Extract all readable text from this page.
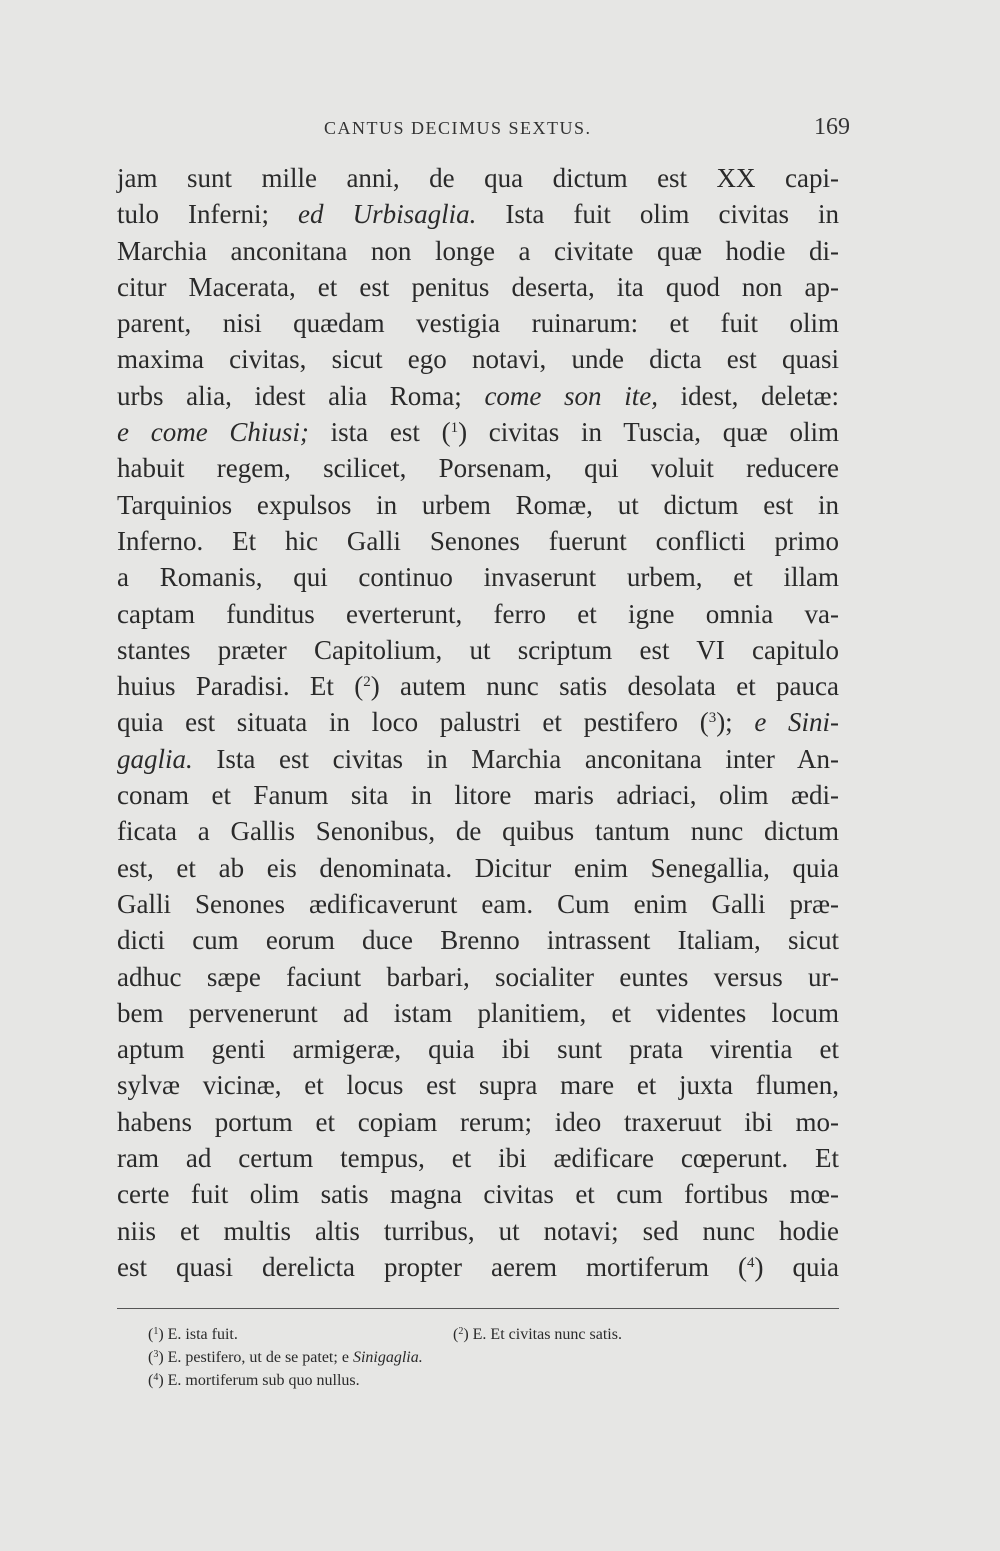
CANTUS DECIMUS SEXTUS.	169
jam sunt mille anni, de qua dictum est XX capi-
tulo Inferni; ed Urbisaglia. Ista fuit olim civitas in
Marchia anconitana non longe a civitate quæ hodie di-
citur Macerata, et est penitus deserta, ita quod non ap-
parent, nisi quædam vestigia ruinarum: et fuit olim
maxima civitas, sicut ego notavi, unde dicta est quasi
urbs alia, idest alia Roma; come son ite, idest, deletæ:
e come Chiusi; ista est ($^1$) civitas in Tuscia, quæ olim
habuit regem, scilicet, Porsenam, qui voluit reducere
Tarquinios expulsos in urbem Romæ, ut dictum est in
Inferno. Et hic Galli Senones fuerunt conflicti primo
a Romanis, qui continuo invaserunt urbem, et illam
captam funditus everterunt, ferro et igne omnia va-
stantes præter Capitolium, ut scriptum est VI capitulo
huius Paradisi. Et ($^2$) autem nunc satis desolata et pauca
quia est situata in loco palustri et pestifero ($^3$); e Sini-
gaglia. Ista est civitas in Marchia anconitana inter An-
conam et Fanum sita in litore maris adriaci, olim ædi-
ficata a Gallis Senonibus, de quibus tantum nunc dictum
est, et ab eis denominata. Dicitur enim Senegallia, quia
Galli Senones ædificaverunt eam. Cum enim Galli præ-
dicti cum eorum duce Brenno intrassent Italiam, sicut
adhuc sæpe faciunt barbari, socialiter euntes versus ur-
bem pervenerunt ad istam planitiem, et videntes locum
aptum genti armigeræ, quia ibi sunt prata virentia et
sylvæ vicinæ, et locus est supra mare et juxta flumen,
habens portum et copiam rerum; ideo traxeruut ibi mo-
ram ad certum tempus, et ibi ædificare cœperunt. Et
certe fuit olim satis magna civitas et cum fortibus mœ-
niis et multis altis turribus, ut notavi; sed nunc hodie
est quasi derelicta propter aerem mortiferum ($^4$) quia
($^1$) E. ista fuit.	($^2$) E. Et civitas nunc satis.
($^3$) E. pestifero, ut de se patet; e Sinigaglia.
($^4$) E. mortiferum sub quo nullus.
